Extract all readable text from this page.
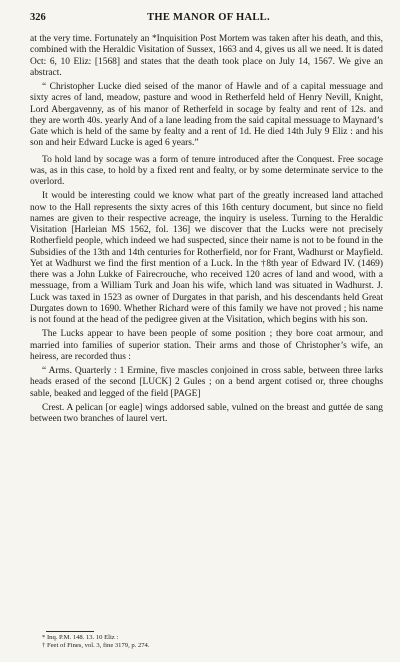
326	THE MANOR OF HALL.

at the very time. Fortunately an *Inquisition Post Mortem was taken after his death, and this, combined with the Heraldic Visitation of Sussex, 1663 and 4, gives us all we need. It is dated Oct: 6, 10 Eliz: [1568] and states that the death took place on July 14, 1567. We give an abstract.

“ Christopher Lucke died seised of the manor of Hawle and of a capital messuage and sixty acres of land, meadow, pasture and wood in Retherfeld held of Henry Nevill, Knight, Lord Abergavenny, as of his manor of Retherfeld in socage by fealty and rent of 12s. and they are worth 40s. yearly And of a lane leading from the said capital messuage to Maynard’s Gate which is held of the same by fealty and a rent of 1d. He died 14th July 9 Eliz : and his son and heir Edward Lucke is aged 6 years.”

To hold land by socage was a form of tenure introduced after the Conquest. Free socage was, as in this case, to hold by a fixed rent and fealty, or by some determinate service to the overlord.

It would be interesting could we know what part of the greatly increased land attached now to the Hall represents the sixty acres of this 16th century document, but since no field names are given to their respective acreage, the inquiry is useless. Turning to the Heraldic Visitation [Harleian MS 1562, fol. 136] we discover that the Lucks were not precisely Rotherfield people, which indeed we had suspected, since their name is not to be found in the Subsidies of the 13th and 14th centuries for Rotherfield, nor for Frant, Wadhurst or Mayfield. Yet at Wadhurst we find the first mention of a Luck. In the †8th year of Edward IV. (1469) there was a John Lukke of Fairecrouche, who received 120 acres of land and wood, with a messuage, from a William Turk and Joan his wife, which land was situated in Wadhurst. J. Luck was taxed in 1523 as owner of Durgates in that parish, and his descendants held Great Durgates down to 1690. Whether Richard were of this family we have not proved ; his name is not found at the head of the pedigree given at the Visitation, which begins with his son.

The Lucks appear to have been people of some position ; they bore coat armour, and married into families of superior station. Their arms and those of Christopher’s wife, an heiress, are recorded thus :

“ Arms. Quarterly : 1 Ermine, five mascles conjoined in cross sable, between three larks heads erased of the second [LUCK] 2 Gules ; on a bend argent cotised or, three choughs sable, beaked and legged of the field [PAGE]

Crest. A pelican [or eagle] wings addorsed sable, vulned on the breast and guttée de sang between two branches of laurel vert.

* Inq. P.M. 148. 13. 10 Eliz :

† Feet of Fines, vol. 3, fine 3179, p. 274.
